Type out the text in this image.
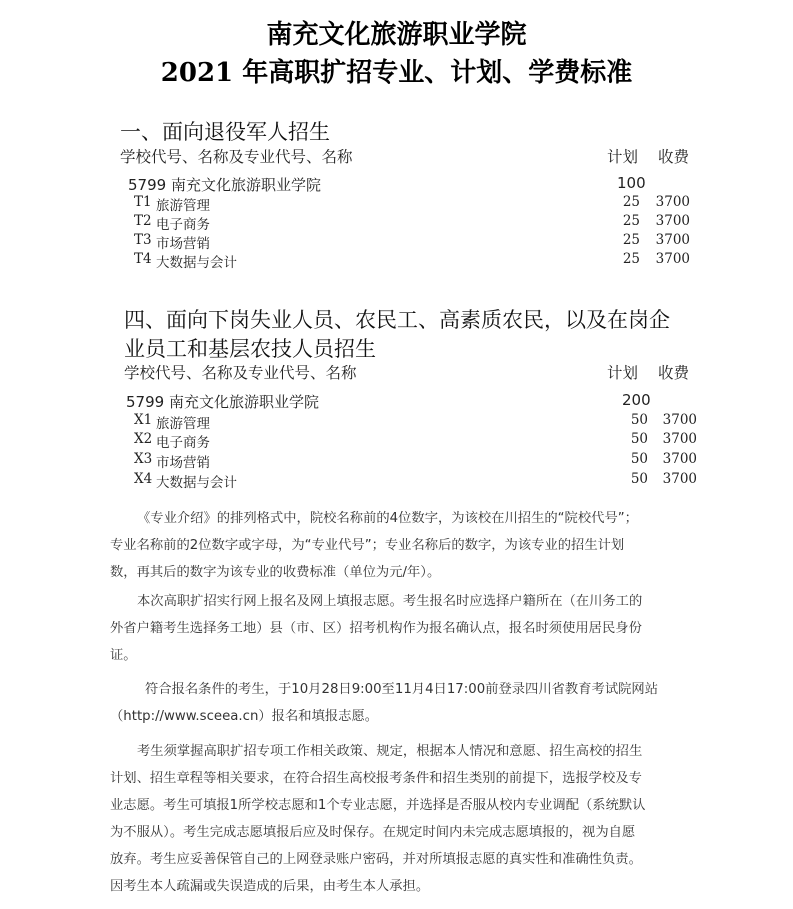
南充文化旅游职业学院
2021 年高职扩招专业、计划、学费标准
一、面向退役军人招生
学校代号、名称及专业代号、名称	计划 收费
5799 南充文化旅游职业学院	100
T1 旅游管理	25	3700
T2 电子商务	25	3700
T3 市场营销	25	3700
T4 大数据与会计	25	3700
四、面向下岗失业人员、农民工、高素质农民，以及在岗企
业员工和基层农技人员招生
学校代号、名称及专业代号、名称	计划 收费
5799 南充文化旅游职业学院	200
X1 旅游管理	50	3700
X2 电子商务	50	3700
X3 市场营销	50	3700
X4 大数据与会计	50	3700
《专业介绍》的排列格式中，院校名称前的4位数字，为该校在川招生的“院校代号”；
专业名称前的2位数字或字母，为“专业代号”；专业名称后的数字，为该专业的招生计划
数，再其后的数字为该专业的收费标准（单位为元/年）。
本次高职扩招实行网上报名及网上填报志愿。考生报名时应选择户籍所在（在川务工的
外省户籍考生选择务工地）县（市、区）招考机构作为报名确认点，报名时须使用居民身份
证。
符合报名条件的考生，于10月28日9:00至11月4日17:00前登录四川省教育考试院网站
（http://www.sceea.cn）报名和填报志愿。
考生须掌握高职扩招专项工作相关政策、规定，根据本人情况和意愿、招生高校的招生
计划、招生章程等相关要求，在符合招生高校报考条件和招生类别的前提下，选报学校及专
业志愿。考生可填报1所学校志愿和1个专业志愿，并选择是否服从校内专业调配（系统默认
为不服从）。考生完成志愿填报后应及时保存。在规定时间内未完成志愿填报的，视为自愿
放弃。考生应妥善保管自己的上网登录账户密码，并对所填报志愿的真实性和准确性负责。
因考生本人疏漏或失误造成的后果，由考生本人承担。
